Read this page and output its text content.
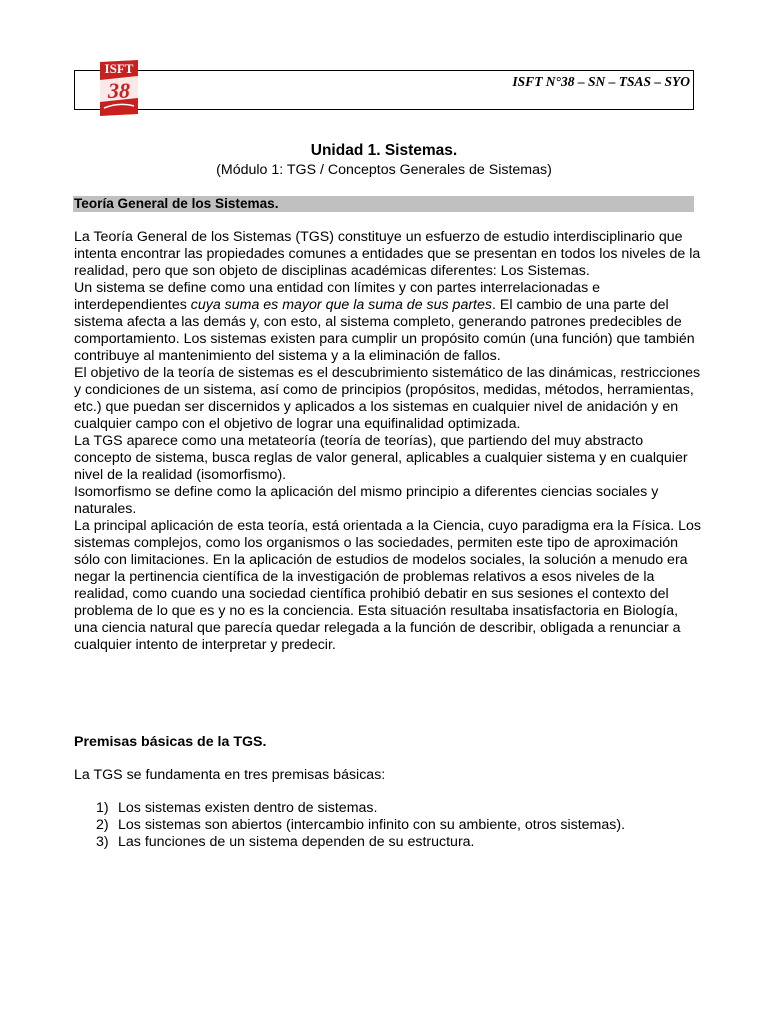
ISFT
38	ISFT N°38 – SN – TSAS – SYO
Unidad 1. Sistemas.
(Módulo 1: TGS / Conceptos Generales de Sistemas)
Teoría General de los Sistemas.

La Teoría General de los Sistemas (TGS) constituye un esfuerzo de estudio interdisciplinario que intenta encontrar las propiedades comunes a entidades que se presentan en todos los niveles de la realidad, pero que son objeto de disciplinas académicas diferentes: Los Sistemas.

Un sistema se define como una entidad con límites y con partes interrelacionadas e interdependientes cuya suma es mayor que la suma de sus partes. El cambio de una parte del sistema afecta a las demás y, con esto, al sistema completo, generando patrones predecibles de comportamiento. Los sistemas existen para cumplir un propósito común (una función) que también contribuye al mantenimiento del sistema y a la eliminación de fallos.

El objetivo de la teoría de sistemas es el descubrimiento sistemático de las dinámicas, restricciones y condiciones de un sistema, así como de principios (propósitos, medidas, métodos, herramientas, etc.) que puedan ser discernidos y aplicados a los sistemas en cualquier nivel de anidación y en cualquier campo con el objetivo de lograr una equifinalidad optimizada.

La TGS aparece como una metateoría (teoría de teorías), que partiendo del muy abstracto concepto de sistema, busca reglas de valor general, aplicables a cualquier sistema y en cualquier nivel de la realidad (isomorfismo).

Isomorfismo se define como la aplicación del mismo principio a diferentes ciencias sociales y naturales.

La principal aplicación de esta teoría, está orientada a la Ciencia, cuyo paradigma era la Física. Los sistemas complejos, como los organismos o las sociedades, permiten este tipo de aproximación sólo con limitaciones. En la aplicación de estudios de modelos sociales, la solución a menudo era negar la pertinencia científica de la investigación de problemas relativos a esos niveles de la realidad, como cuando una sociedad científica prohibió debatir en sus sesiones el contexto del problema de lo que es y no es la conciencia. Esta situación resultaba insatisfactoria en Biología, una ciencia natural que parecía quedar relegada a la función de describir, obligada a renunciar a cualquier intento de interpretar y predecir.

Premisas básicas de la TGS.
La TGS se fundamenta en tres premisas básicas:
1) Los sistemas existen dentro de sistemas.
2) Los sistemas son abiertos (intercambio infinito con su ambiente, otros sistemas).
3) Las funciones de un sistema dependen de su estructura.
